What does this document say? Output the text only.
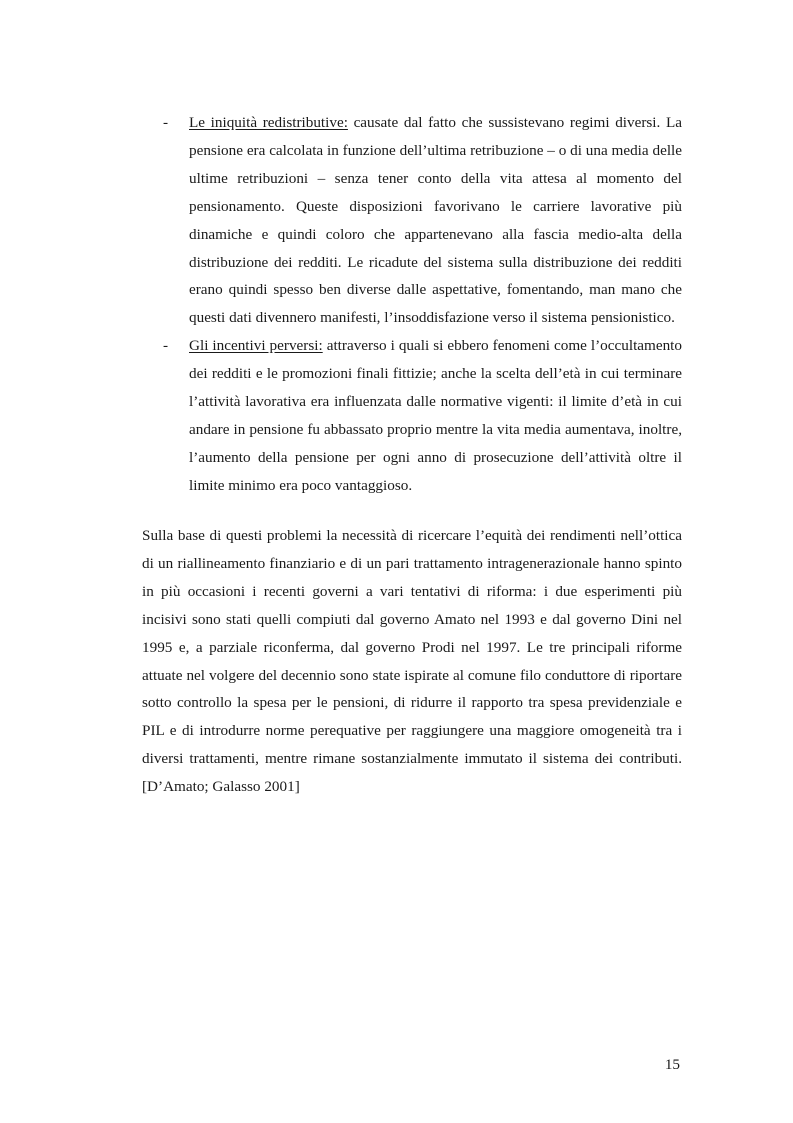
- Le iniquità redistributive: causate dal fatto che sussistevano regimi diversi. La pensione era calcolata in funzione dell’ultima retribuzione – o di una media delle ultime retribuzioni – senza tener conto della vita attesa al momento del pensionamento. Queste disposizioni favorivano le carriere lavorative più dinamiche e quindi coloro che appartenevano alla fascia medio-alta della distribuzione dei redditi. Le ricadute del sistema sulla distribuzione dei redditi erano quindi spesso ben diverse dalle aspettative, fomentando, man mano che questi dati divennero manifesti, l’insoddisfazione verso il sistema pensionistico.
- Gli incentivi perversi: attraverso i quali si ebbero fenomeni come l’occultamento dei redditi e le promozioni finali fittizie; anche la scelta dell’età in cui terminare l’attività lavorativa era influenzata dalle normative vigenti: il limite d’età in cui andare in pensione fu abbassato proprio mentre la vita media aumentava, inoltre, l’aumento della pensione per ogni anno di prosecuzione dell’attività oltre il limite minimo era poco vantaggioso.

Sulla base di questi problemi la necessità di ricercare l’equità dei rendimenti nell’ottica di un riallineamento finanziario e di un pari trattamento intragenerazionale hanno spinto in più occasioni i recenti governi a vari tentativi di riforma: i due esperimenti più incisivi sono stati quelli compiuti dal governo Amato nel 1993 e dal governo Dini nel 1995 e, a parziale riconferma, dal governo Prodi nel 1997. Le tre principali riforme attuate nel volgere del decennio sono state ispirate al comune filo conduttore di riportare sotto controllo la spesa per le pensioni, di ridurre il rapporto tra spesa previdenziale e PIL e di introdurre norme perequative per raggiungere una maggiore omogeneità tra i diversi trattamenti, mentre rimane sostanzialmente immutato il sistema dei contributi. [D’Amato; Galasso 2001]

15
